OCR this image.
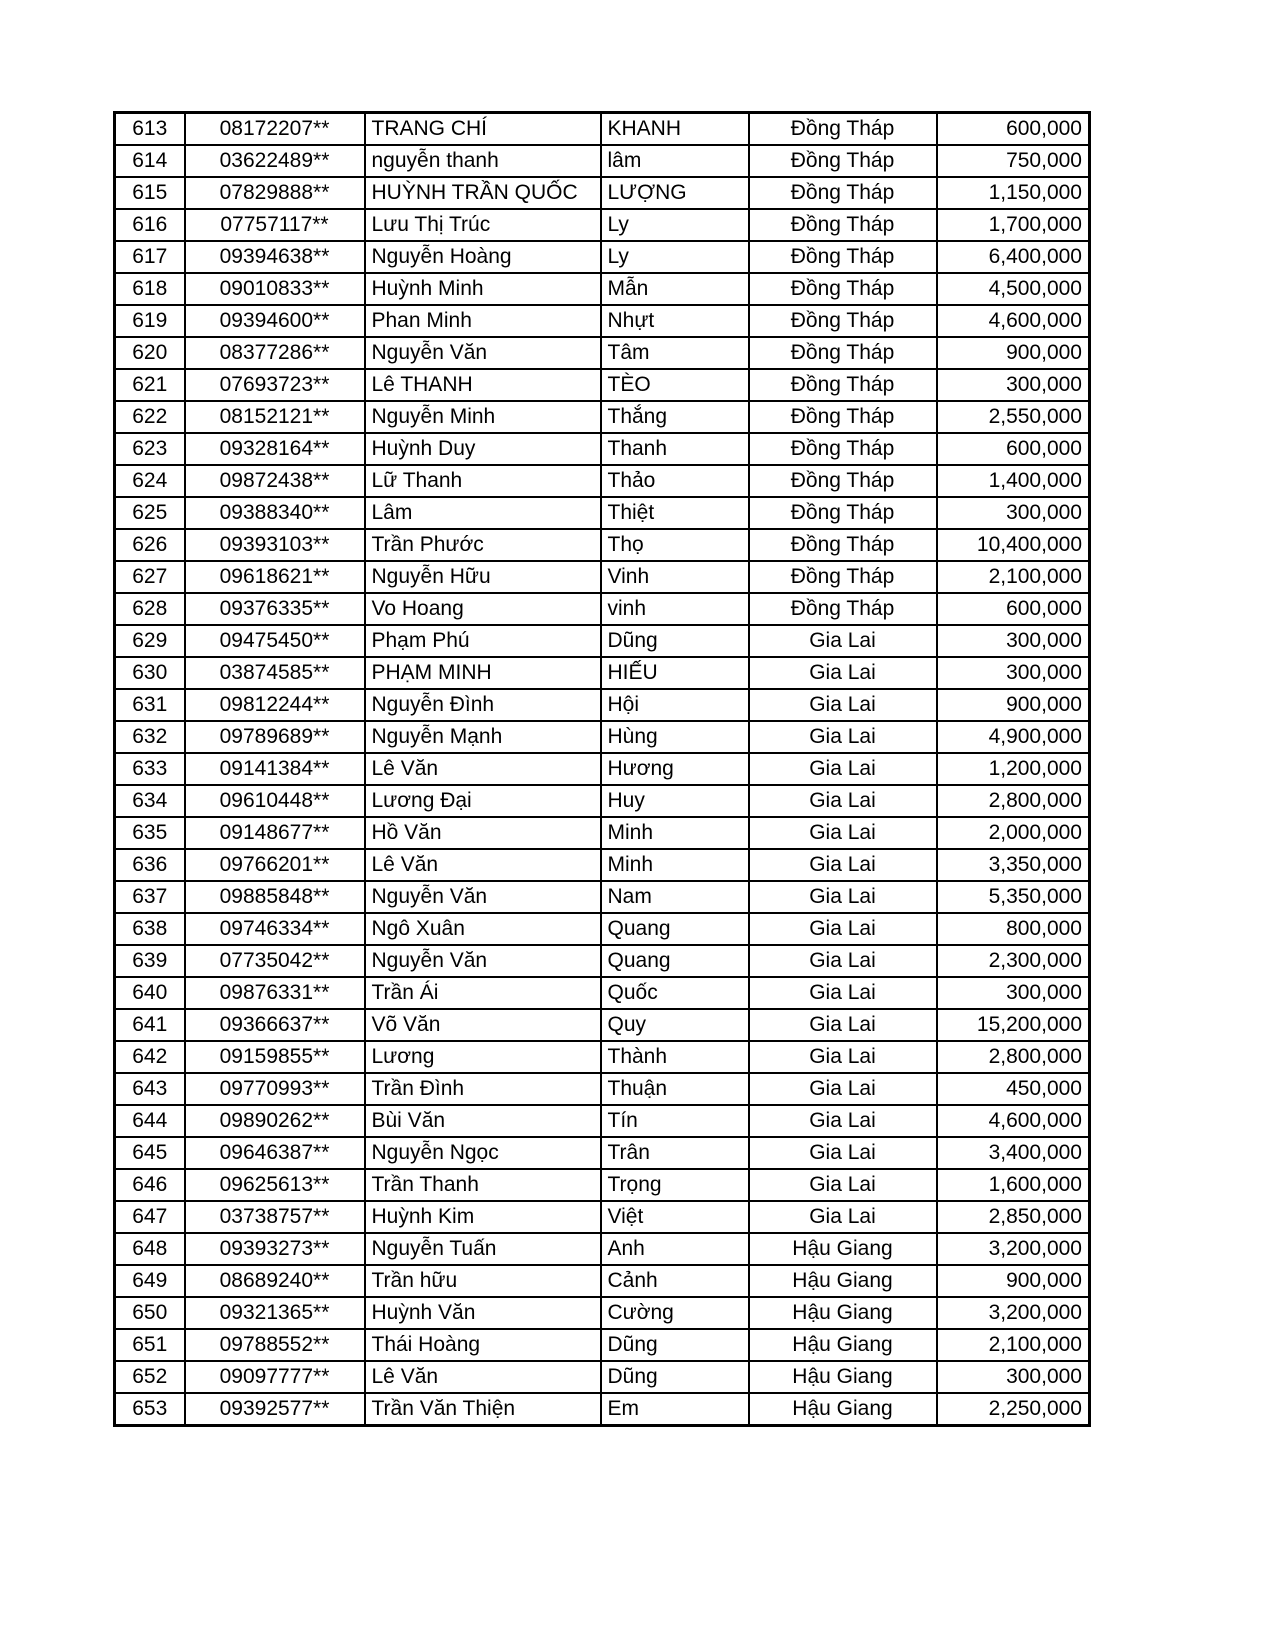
613	08172207**	TRANG CHÍ	KHANH	Đồng Tháp	600,000
614	03622489**	nguyễn thanh	lâm	Đồng Tháp	750,000
615	07829888**	HUỲNH TRẦN QUỐC	LƯỢNG	Đồng Tháp	1,150,000
616	07757117**	Lưu Thị Trúc	Ly	Đồng Tháp	1,700,000
617	09394638**	Nguyễn Hoàng	Ly	Đồng Tháp	6,400,000
618	09010833**	Huỳnh Minh	Mẫn	Đồng Tháp	4,500,000
619	09394600**	Phan Minh	Nhựt	Đồng Tháp	4,600,000
620	08377286**	Nguyễn Văn	Tâm	Đồng Tháp	900,000
621	07693723**	Lê THANH	TÈO	Đồng Tháp	300,000
622	08152121**	Nguyễn Minh	Thắng	Đồng Tháp	2,550,000
623	09328164**	Huỳnh Duy	Thanh	Đồng Tháp	600,000
624	09872438**	Lữ Thanh	Thảo	Đồng Tháp	1,400,000
625	09388340**	Lâm	Thiệt	Đồng Tháp	300,000
626	09393103**	Trần Phước	Thọ	Đồng Tháp	10,400,000
627	09618621**	Nguyễn Hữu	Vinh	Đồng Tháp	2,100,000
628	09376335**	Vo Hoang	vinh	Đồng Tháp	600,000
629	09475450**	Phạm Phú	Dũng	Gia Lai	300,000
630	03874585**	PHẠM MINH	HIẾU	Gia Lai	300,000
631	09812244**	Nguyễn Đình	Hội	Gia Lai	900,000
632	09789689**	Nguyễn Mạnh	Hùng	Gia Lai	4,900,000
633	09141384**	Lê Văn	Hương	Gia Lai	1,200,000
634	09610448**	Lương Đại	Huy	Gia Lai	2,800,000
635	09148677**	Hồ Văn	Minh	Gia Lai	2,000,000
636	09766201**	Lê Văn	Minh	Gia Lai	3,350,000
637	09885848**	Nguyễn Văn	Nam	Gia Lai	5,350,000
638	09746334**	Ngô Xuân	Quang	Gia Lai	800,000
639	07735042**	Nguyễn Văn	Quang	Gia Lai	2,300,000
640	09876331**	Trần Ái	Quốc	Gia Lai	300,000
641	09366637**	Võ Văn	Quy	Gia Lai	15,200,000
642	09159855**	Lương	Thành	Gia Lai	2,800,000
643	09770993**	Trần Đình	Thuận	Gia Lai	450,000
644	09890262**	Bùi Văn	Tín	Gia Lai	4,600,000
645	09646387**	Nguyễn Ngọc	Trân	Gia Lai	3,400,000
646	09625613**	Trần Thanh	Trọng	Gia Lai	1,600,000
647	03738757**	Huỳnh Kim	Việt	Gia Lai	2,850,000
648	09393273**	Nguyễn Tuấn	Anh	Hậu Giang	3,200,000
649	08689240**	Trần hữu	Cảnh	Hậu Giang	900,000
650	09321365**	Huỳnh Văn	Cường	Hậu Giang	3,200,000
651	09788552**	Thái Hoàng	Dũng	Hậu Giang	2,100,000
652	09097777**	Lê Văn	Dũng	Hậu Giang	300,000
653	09392577**	Trần Văn Thiện	Em	Hậu Giang	2,250,000
